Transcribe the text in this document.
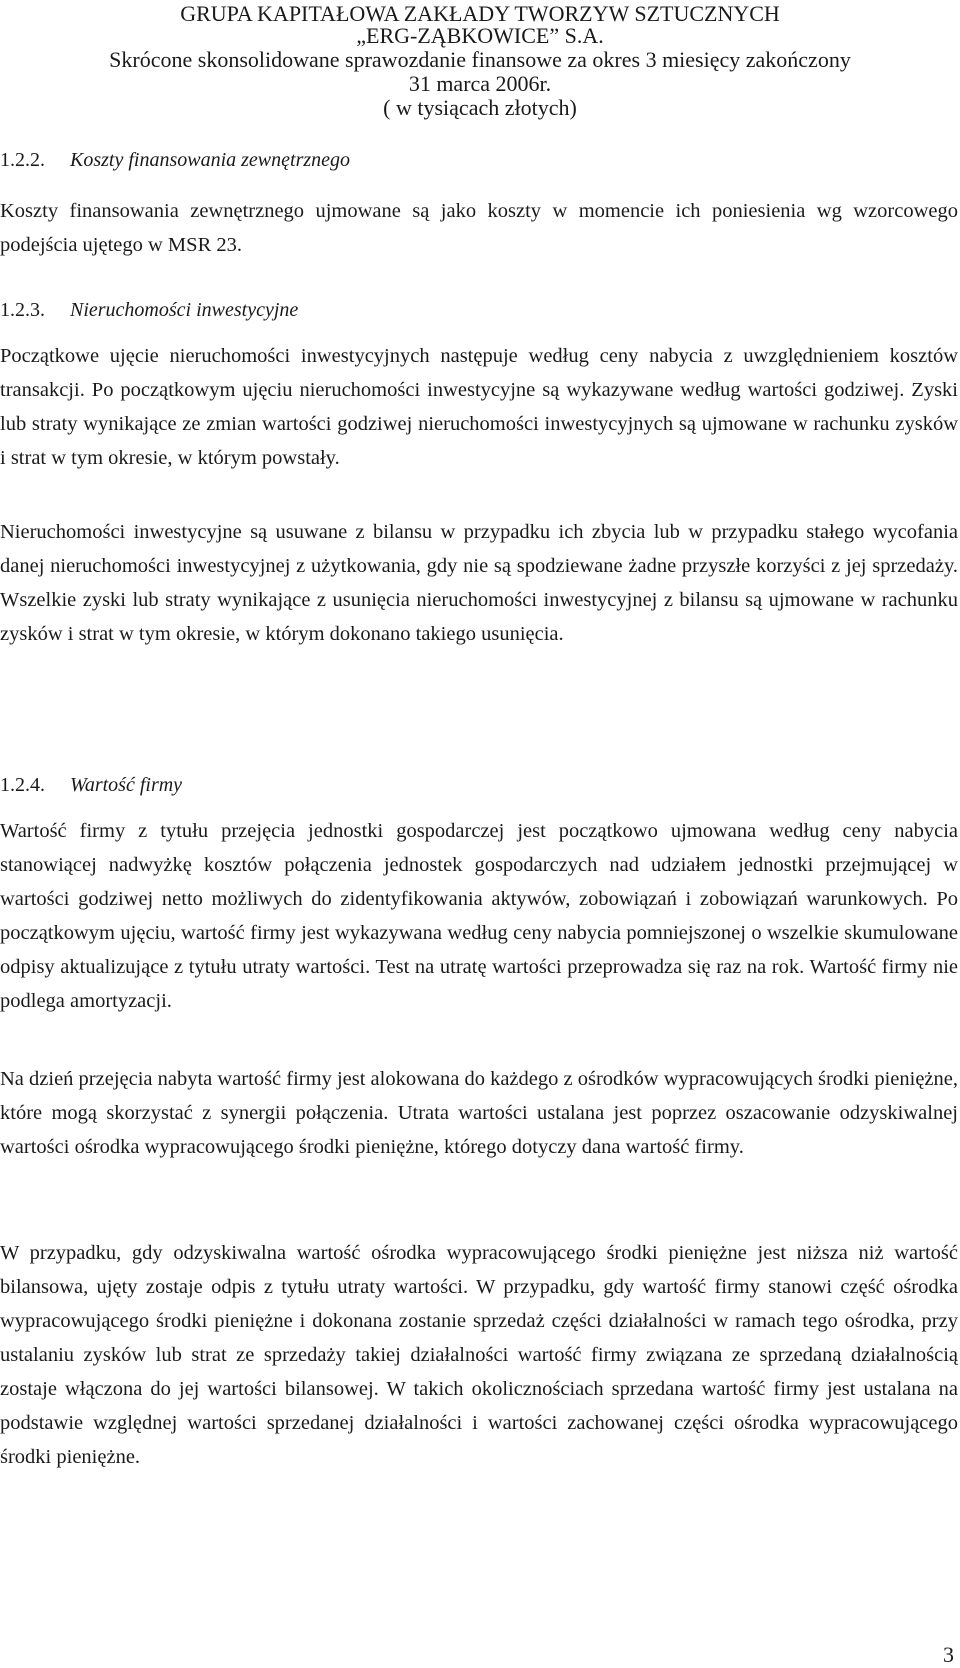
GRUPA KAPITAŁOWA ZAKŁADY TWORZYW SZTUCZNYCH
„ERG-ZĄBKOWICE” S.A.
Skrócone skonsolidowane sprawozdanie finansowe za okres 3 miesięcy zakończony
31 marca 2006r.
( w tysiącach złotych)
1.2.2. Koszty finansowania zewnętrznego

Koszty finansowania zewnętrznego ujmowane są jako koszty w momencie ich poniesienia wg wzorcowego podejścia ujętego w MSR 23.

1.2.3. Nieruchomości inwestycyjne

Początkowe ujęcie nieruchomości inwestycyjnych następuje według ceny nabycia z uwzględnieniem kosztów transakcji. Po początkowym ujęciu nieruchomości inwestycyjne są wykazywane według wartości godziwej. Zyski lub straty wynikające ze zmian wartości godziwej nieruchomości inwestycyjnych są ujmowane w rachunku zysków i strat w tym okresie, w którym powstały.

Nieruchomości inwestycyjne są usuwane z bilansu w przypadku ich zbycia lub w przypadku stałego wycofania danej nieruchomości inwestycyjnej z użytkowania, gdy nie są spodziewane żadne przyszłe korzyści z jej sprzedaży. Wszelkie zyski lub straty wynikające z usunięcia nieruchomości inwestycyjnej z bilansu są ujmowane w rachunku zysków i strat w tym okresie, w którym dokonano takiego usunięcia.

1.2.4. Wartość firmy

Wartość firmy z tytułu przejęcia jednostki gospodarczej jest początkowo ujmowana według ceny nabycia stanowiącej nadwyżkę kosztów połączenia jednostek gospodarczych nad udziałem jednostki przejmującej w wartości godziwej netto możliwych do zidentyfikowania aktywów, zobowiązań i zobowiązań warunkowych. Po początkowym ujęciu, wartość firmy jest wykazywana według ceny nabycia pomniejszonej o wszelkie skumulowane odpisy aktualizujące z tytułu utraty wartości. Test na utratę wartości przeprowadza się raz na rok. Wartość firmy nie podlega amortyzacji.

Na dzień przejęcia nabyta wartość firmy jest alokowana do każdego z ośrodków wypracowujących środki pieniężne, które mogą skorzystać z synergii połączenia. Utrata wartości ustalana jest poprzez oszacowanie odzyskiwalnej wartości ośrodka wypracowującego środki pieniężne, którego dotyczy dana wartość firmy.

W przypadku, gdy odzyskiwalna wartość ośrodka wypracowującego środki pieniężne jest niższa niż wartość bilansowa, ujęty zostaje odpis z tytułu utraty wartości. W przypadku, gdy wartość firmy stanowi część ośrodka wypracowującego środki pieniężne i dokonana zostanie sprzedaż części działalności w ramach tego ośrodka, przy ustalaniu zysków lub strat ze sprzedaży takiej działalności wartość firmy związana ze sprzedaną działalnością zostaje włączona do jej wartości bilansowej. W takich okolicznościach sprzedana wartość firmy jest ustalana na podstawie względnej wartości sprzedanej działalności i wartości zachowanej części ośrodka wypracowującego środki pieniężne.

3
